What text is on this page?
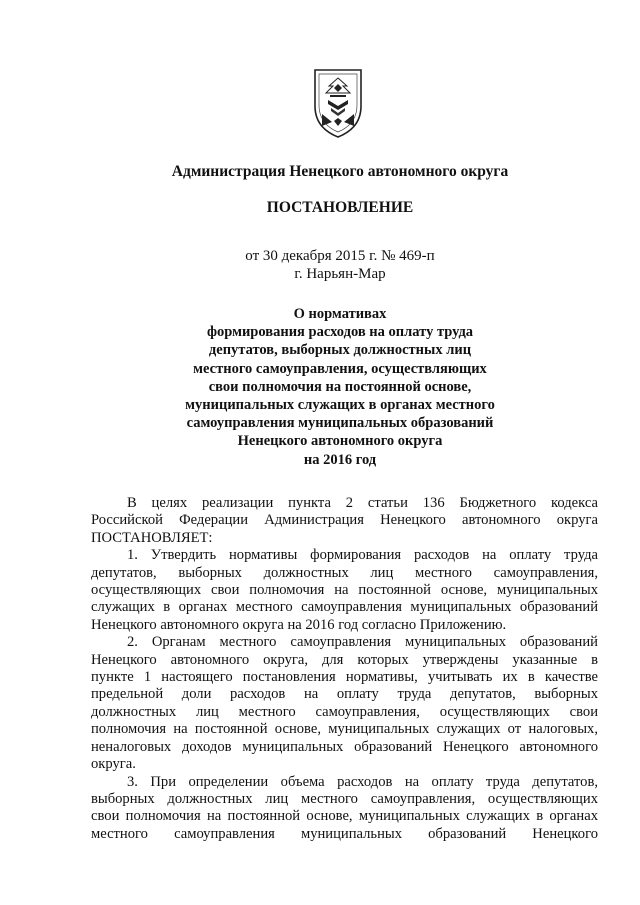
Администрация Ненецкого автономного округа
ПОСТАНОВЛЕНИЕ
от 30 декабря 2015 г. № 469-п
г. Нарьян-Мар
О нормативах
формирования расходов на оплату труда
депутатов, выборных должностных лиц
местного самоуправления, осуществляющих
свои полномочия на постоянной основе,
муниципальных служащих в органах местного
самоуправления муниципальных образований
Ненецкого автономного округа
на 2016 год
В целях реализации пункта 2 статьи 136 Бюджетного кодекса
Российской Федерации Администрация Ненецкого автономного округа
ПОСТАНОВЛЯЕТ:
1. Утвердить нормативы формирования расходов на оплату труда
депутатов, выборных должностных лиц местного самоуправления,
осуществляющих свои полномочия на постоянной основе, муниципальных
служащих в органах местного самоуправления муниципальных образований
Ненецкого автономного округа на 2016 год согласно Приложению.
2. Органам местного самоуправления муниципальных образований
Ненецкого автономного округа, для которых утверждены указанные в
пункте 1 настоящего постановления нормативы, учитывать их в качестве
предельной доли расходов на оплату труда депутатов, выборных
должностных лиц местного самоуправления, осуществляющих свои
полномочия на постоянной основе, муниципальных служащих от налоговых,
неналоговых доходов муниципальных образований Ненецкого автономного
округа.
3. При определении объема расходов на оплату труда депутатов,
выборных должностных лиц местного самоуправления, осуществляющих
свои полномочия на постоянной основе, муниципальных служащих в органах
местного самоуправления муниципальных образований Ненецкого
